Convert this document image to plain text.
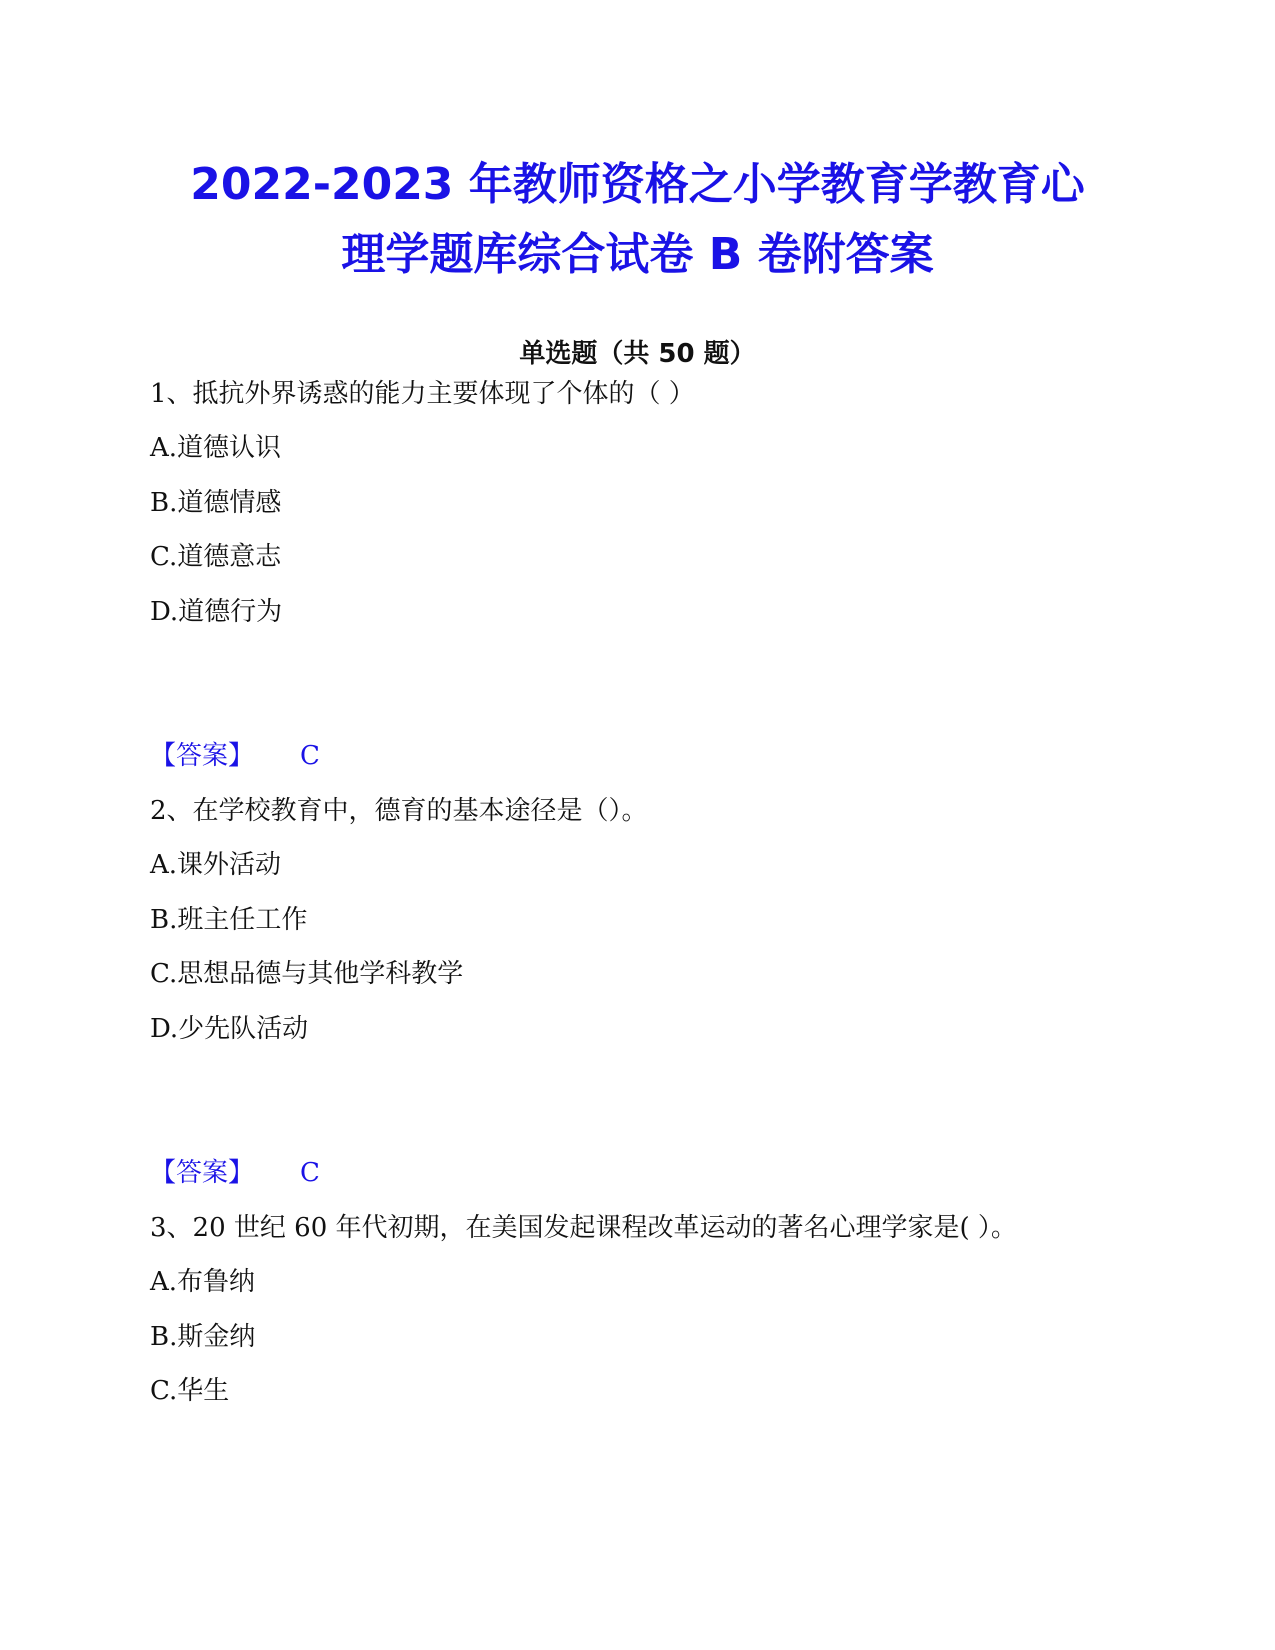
2022-2023 年教师资格之小学教育学教育心
理学题库综合试卷 B 卷附答案
单选题（共 50 题）
1、抵抗外界诱惑的能力主要体现了个体的（ ）
A.道德认识
B.道德情感
C.道德意志
D.道德行为
【答案】 C
2、在学校教育中，德育的基本途径是（）。
A.课外活动
B.班主任工作
C.思想品德与其他学科教学
D.少先队活动
【答案】 C
3、20 世纪 60 年代初期，在美国发起课程改革运动的著名心理学家是( ）。
A.布鲁纳
B.斯金纳
C.华生
